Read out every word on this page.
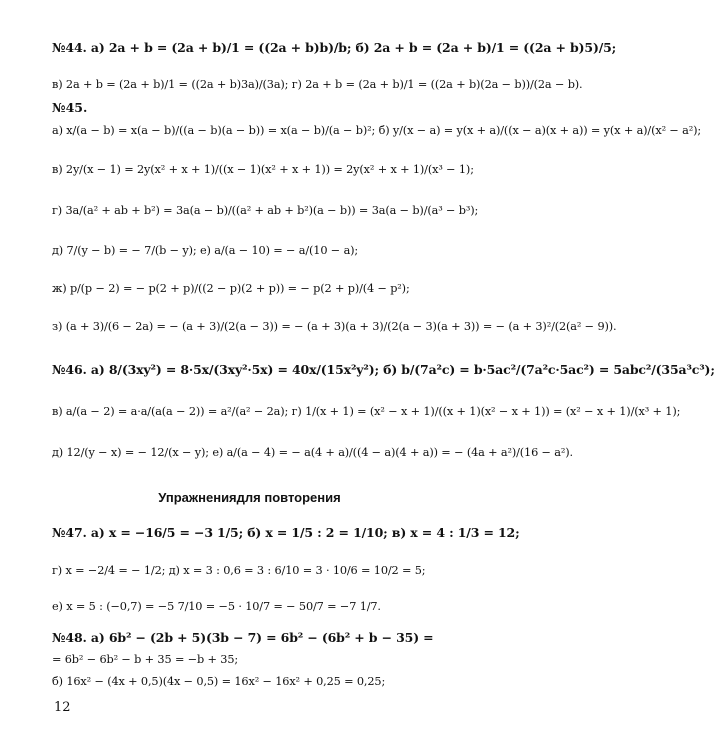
№44. а) 2a + b = (2a + b)/1 = ((2a + b)b)/b; б) 2a + b = (2a + b)/1 = ((2a + b)5)/5;
в) 2a + b = (2a + b)/1 = ((2a + b)3a)/(3a); г) 2a + b = (2a + b)/1 = ((2a + b)(2a − b))/(2a − b).
а) x/(a − b) = x(a − b)/((a − b)(a − b)) = x(a − b)/(a − b)²; б) y/(x − a) = y(x + a)/((x − a)(x + a)) = y(x + a)/(x² − a²);
в) 2y/(x − 1) = 2y(x² + x + 1)/((x − 1)(x² + x + 1)) = 2y(x² + x + 1)/(x³ − 1);
г) 3a/(a² + ab + b²) = 3a(a − b)/((a² + ab + b²)(a − b)) = 3a(a − b)/(a³ − b³);
д) 7/(y − b) = − 7/(b − y); е) a/(a − 10) = − a/(10 − a);
ж) p/(p − 2) = − p(2 + p)/((2 − p)(2 + p)) = − p(2 + p)/(4 − p²);
з) (a + 3)/(6 − 2a) = − (a + 3)/(2(a − 3)) = − (a + 3)(a + 3)/(2(a − 3)(a + 3)) = − (a + 3)²/(2(a² − 9)).
№46. а) 8/(3xy²) = 8·5x/(3xy²·5x) = 40x/(15x²y²); б) b/(7a²c) = b·5ac²/(7a²c·5ac²) = 5abc²/(35a³c³);
в) a/(a − 2) = a·a/(a(a − 2)) = a²/(a² − 2a); г) 1/(x + 1) = (x² − x + 1)/((x + 1)(x² − x + 1)) = (x² − x + 1)/(x³ + 1);
д) 12/(y − x) = − 12/(x − y); е) a/(a − 4) = − a(4 + a)/((4 − a)(4 + a)) = − (4a + a²)/(16 − a²).
№47. а) x = −16/5 = −3 1/5; б) x = 1/5 : 2 = 1/10; в) x = 4 : 1/3 = 12;
г) x = −2/4 = − 1/2; д) x = 3 : 0,6 = 3 : 6/10 = 3 · 10/6 = 10/2 = 5;
е) x = 5 : (−0,7) = −5 7/10 = −5 · 10/7 = − 50/7 = −7 1/7.
№48. а) 6b² − (2b + 5)(3b − 7) = 6b² − (6b² + b − 35) =
= 6b² − 6b² − b + 35 = −b + 35;
б) 16x² − (4x + 0,5)(4x − 0,5) = 16x² − 16x² + 0,25 = 0,25;
№45.
Упражнениядля повторения
12
